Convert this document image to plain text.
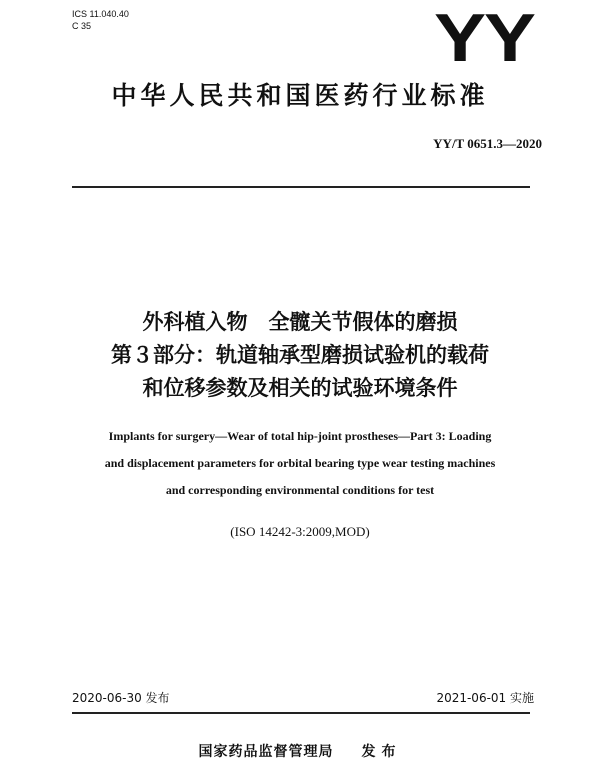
ICS 11.040.40
C 35	YY
中华人民共和国医药行业标准
YY/T 0651.3—2020
外科植入物　全髋关节假体的磨损
第３部分：轨道轴承型磨损试验机的载荷
和位移参数及相关的试验环境条件
Implants for surgery—Wear of total hip-joint prostheses—Part 3: Loading
and displacement parameters for orbital bearing type wear testing machines
and corresponding environmental conditions for test
(ISO 14242-3:2009,MOD)
2020-06-30 发布	2021-06-01 实施
国家药品监督管理局 发布
